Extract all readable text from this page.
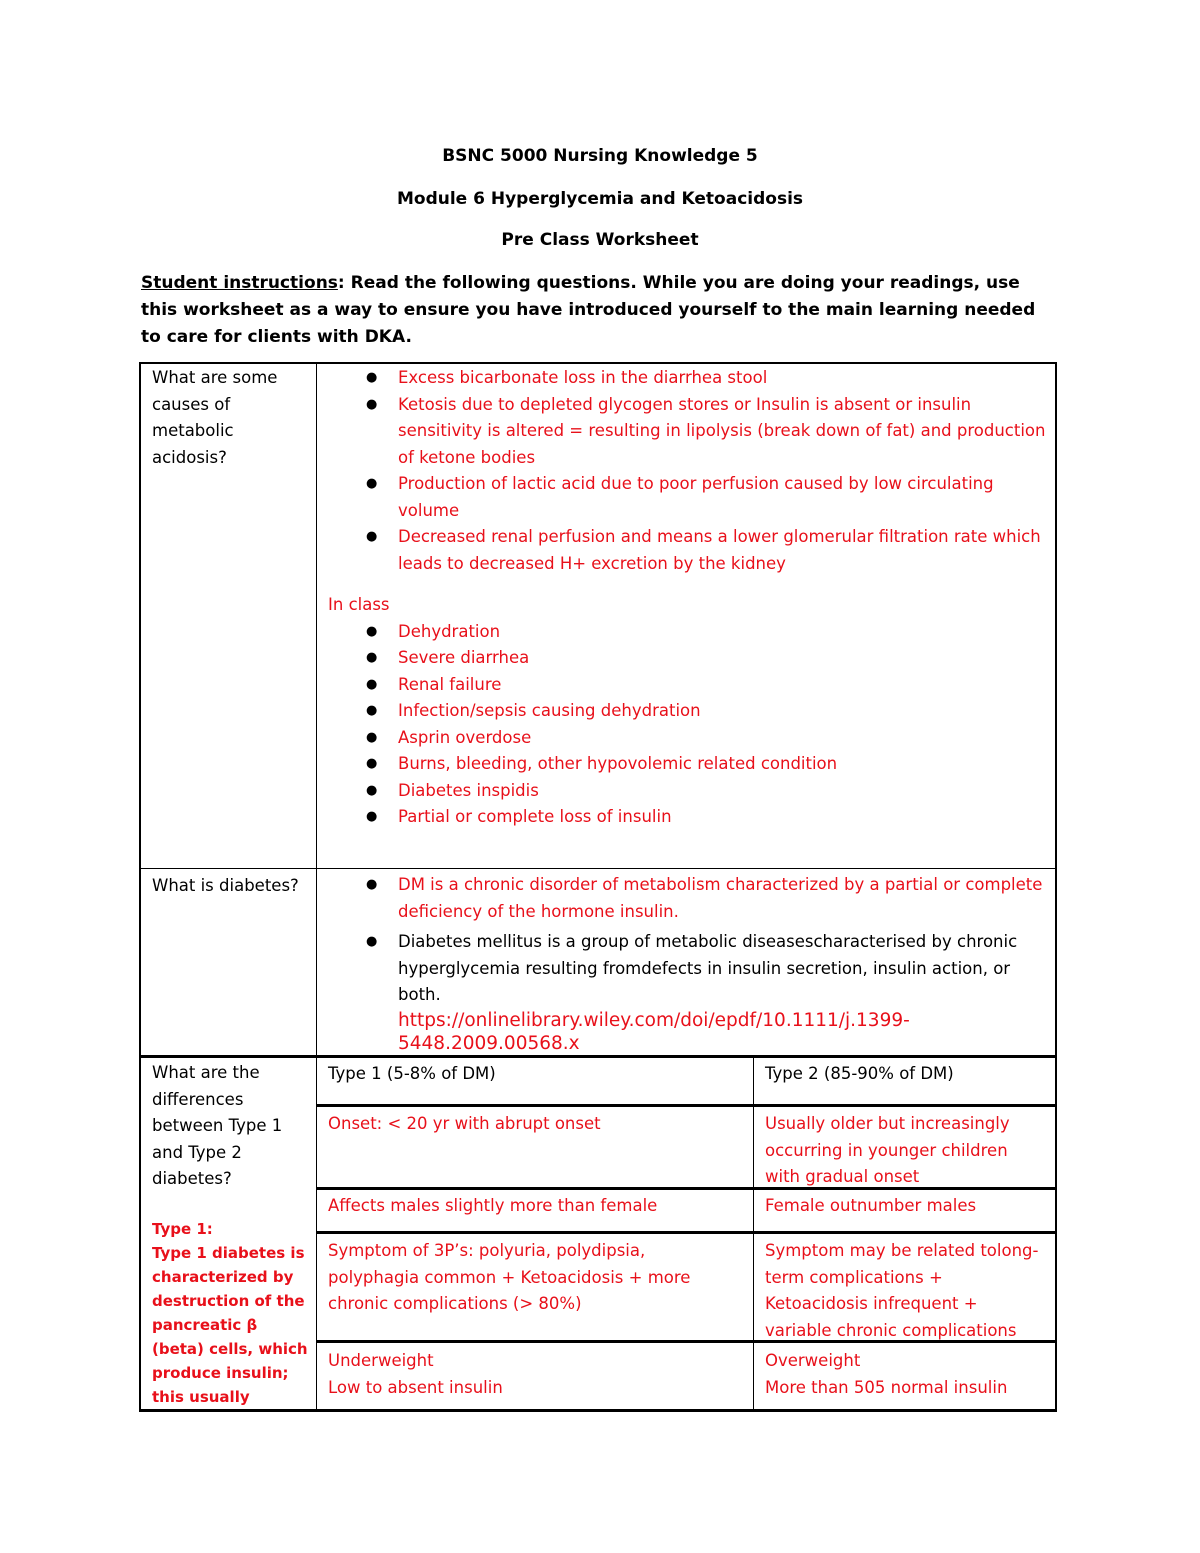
BSNC 5000 Nursing Knowledge 5
Module 6 Hyperglycemia and Ketoacidosis
Pre Class Worksheet
Student instructions: Read the following questions. While you are doing your readings, use this worksheet as a way to ensure you have introduced yourself to the main learning needed to care for clients with DKA.
What are some causes of metabolic acidosis?
● Excess bicarbonate loss in the diarrhea stool
● Ketosis due to depleted glycogen stores or Insulin is absent or insulin sensitivity is altered = resulting in lipolysis (break down of fat) and production of ketone bodies
● Production of lactic acid due to poor perfusion caused by low circulating volume
● Decreased renal perfusion and means a lower glomerular filtration rate which leads to decreased H+ excretion by the kidney
In class
● Dehydration
● Severe diarrhea
● Renal failure
● Infection/sepsis causing dehydration
● Asprin overdose
● Burns, bleeding, other hypovolemic related condition
● Diabetes inspidis
● Partial or complete loss of insulin
What is diabetes?
●	DM is a chronic disorder of metabolism characterized by a partial or complete deficiency of the hormone insulin.
● Diabetes mellitus is a group of metabolic diseasescharacterised by chronic hyperglycemia resulting fromdefects in insulin secretion, insulin action, or both.
https://onlinelibrary.wiley.com/doi/epdf/10.1111/j.1399-5448.2009.00568.x
What are the differences between Type 1 and Type 2 diabetes?
Type 1:
Type 1 diabetes is characterized by destruction of the pancreatic β (beta) cells, which produce insulin; this usually
Type 1 (5-8% of DM)	Type 2 (85-90% of DM)
Onset: < 20 yr with abrupt onset	Usually older but increasingly occurring in younger children with gradual onset
Affects males slightly more than female	Female outnumber males
Symptom of 3P’s: polyuria, polydipsia, polyphagia common + Ketoacidosis + more chronic complications (> 80%)
Symptom may be related tolong-term complications + Ketoacidosis infrequent + variable chronic complications
Underweight
Low to absent insulin
Overweight
More than 505 normal insulin
